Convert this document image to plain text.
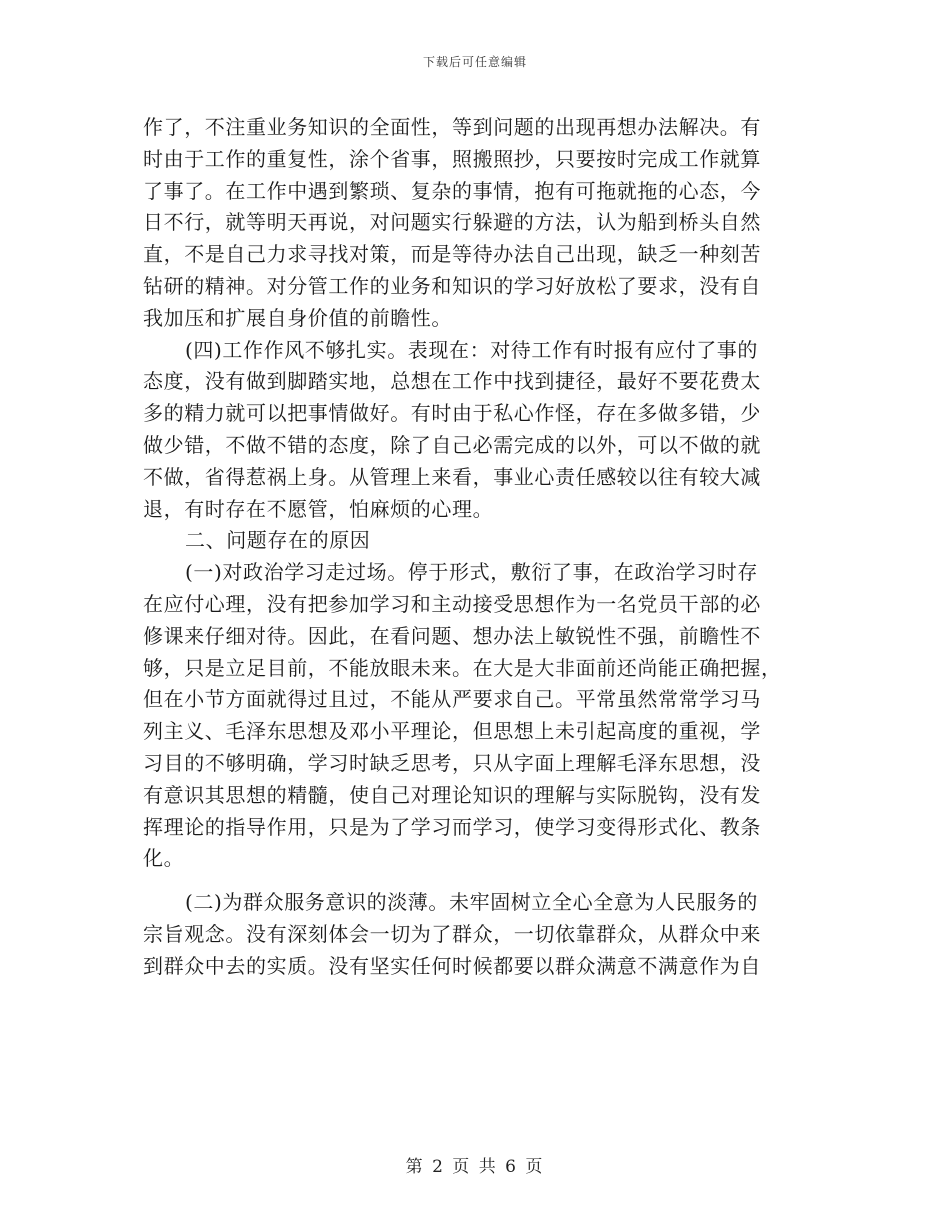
下载后可任意编辑
作了，不注重业务知识的全面性，等到问题的出现再想办法解决。有
时由于工作的重复性，涂个省事，照搬照抄，只要按时完成工作就算
了事了。在工作中遇到繁琐、复杂的事情，抱有可拖就拖的心态，今
日不行，就等明天再说，对问题实行躲避的方法，认为船到桥头自然
直，不是自己力求寻找对策，而是等待办法自己出现，缺乏一种刻苦
钻研的精神。对分管工作的业务和知识的学习好放松了要求，没有自
我加压和扩展自身价值的前瞻性。
(四)工作作风不够扎实。表现在：对待工作有时报有应付了事的
态度，没有做到脚踏实地，总想在工作中找到捷径，最好不要花费太
多的精力就可以把事情做好。有时由于私心作怪，存在多做多错，少
做少错，不做不错的态度，除了自己必需完成的以外，可以不做的就
不做，省得惹祸上身。从管理上来看，事业心责任感较以往有较大减
退，有时存在不愿管，怕麻烦的心理。
二、问题存在的原因
(一)对政治学习走过场。停于形式，敷衍了事，在政治学习时存
在应付心理，没有把参加学习和主动接受思想作为一名党员干部的必
修课来仔细对待。因此，在看问题、想办法上敏锐性不强，前瞻性不
够，只是立足目前，不能放眼未来。在大是大非面前还尚能正确把握，
但在小节方面就得过且过，不能从严要求自己。平常虽然常常学习马
列主义、毛泽东思想及邓小平理论，但思想上未引起高度的重视，学
习目的不够明确，学习时缺乏思考，只从字面上理解毛泽东思想，没
有意识其思想的精髓，使自己对理论知识的理解与实际脱钩，没有发
挥理论的指导作用，只是为了学习而学习，使学习变得形式化、教条
化。
(二)为群众服务意识的淡薄。未牢固树立全心全意为人民服务的
宗旨观念。没有深刻体会一切为了群众，一切依靠群众，从群众中来
到群众中去的实质。没有坚实任何时候都要以群众满意不满意作为自
第 2 页 共 6 页
